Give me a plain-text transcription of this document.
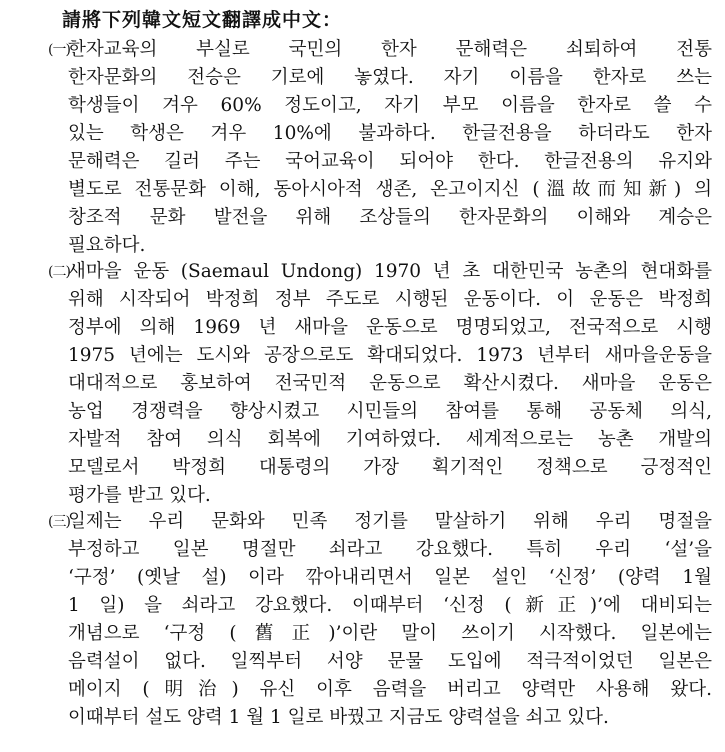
請將下列韓文短文翻譯成中文：
(一)한자교육의 부실로 국민의 한자 문해력은 쇠퇴하여 전통
한자문화의 전승은 기로에 놓였다. 자기 이름을 한자로 쓰는
학생들이 겨우 60% 정도이고, 자기 부모 이름을 한자로 쓸 수
있는 학생은 겨우 10%에 불과하다. 한글전용을 하더라도 한자
문해력은 길러 주는 국어교육이 되어야 한다. 한글전용의 유지와
별도로 전통문화 이해, 동아시아적 생존, 온고이지신 (溫故而知新) 의
창조적 문화 발전을 위해 조상들의 한자문화의 이해와 계승은
필요하다.
(二)새마을 운동 (Saemaul Undong) 1970 년 초 대한민국 농촌의 현대화를
위해 시작되어 박정희 정부 주도로 시행된 운동이다. 이 운동은 박정희
정부에 의해 1969 년 새마을 운동으로 명명되었고, 전국적으로 시행
1975 년에는 도시와 공장으로도 확대되었다. 1973 년부터 새마을운동을
대대적으로 홍보하여 전국민적 운동으로 확산시켰다. 새마을 운동은
농업 경쟁력을 향상시켰고 시민들의 참여를 통해 공동체 의식,
자발적 참여 의식 회복에 기여하였다. 세계적으로는 농촌 개발의
모델로서 박정희 대통령의 가장 획기적인 정책으로 긍정적인
평가를 받고 있다.
(三)일제는 우리 문화와 민족 정기를 말살하기 위해 우리 명절을
부정하고 일본 명절만 쇠라고 강요했다. 특히 우리 ‘설’을
‘구정’ (옛날 설) 이라 깎아내리면서 일본 설인 ‘신정’ (양력 1월
1 일) 을 쇠라고 강요했다. 이때부터 ‘신정 (新正)’에 대비되는
개념으로 ‘구정 (舊正)’이란 말이 쓰이기 시작했다. 일본에는
음력설이 없다. 일찍부터 서양 문물 도입에 적극적이었던 일본은
메이지 (明治) 유신 이후 음력을 버리고 양력만 사용해 왔다.
이때부터 설도 양력 1 월 1 일로 바꿨고 지금도 양력설을 쇠고 있다.
